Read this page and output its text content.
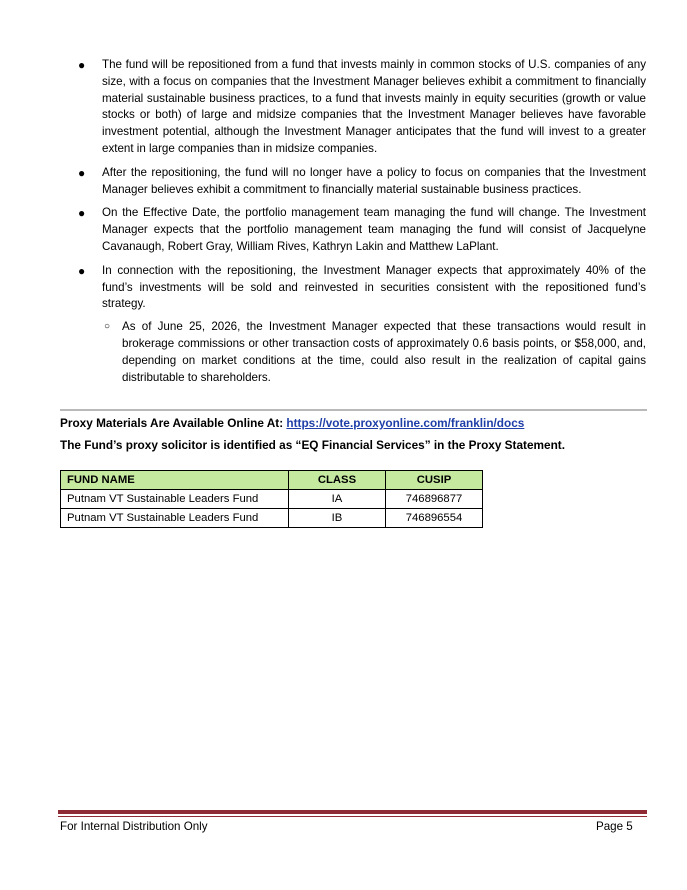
● The fund will be repositioned from a fund that invests mainly in common stocks of U.S. companies of any size, with a focus on companies that the Investment Manager believes exhibit a commitment to financially material sustainable business practices, to a fund that invests mainly in equity securities (growth or value stocks or both) of large and midsize companies that the Investment Manager believes have favorable investment potential, although the Investment Manager anticipates that the fund will invest to a greater extent in large companies than in midsize companies.
● After the repositioning, the fund will no longer have a policy to focus on companies that the Investment Manager believes exhibit a commitment to financially material sustainable business practices.
● On the Effective Date, the portfolio management team managing the fund will change. The Investment Manager expects that the portfolio management team managing the fund will consist of Jacquelyne Cavanaugh, Robert Gray, William Rives, Kathryn Lakin and Matthew LaPlant.
● In connection with the repositioning, the Investment Manager expects that approximately 40% of the fund’s investments will be sold and reinvested in securities consistent with the repositioned fund’s strategy.
○ As of June 25, 2026, the Investment Manager expected that these transactions would result in brokerage commissions or other transaction costs of approximately 0.6 basis points, or $58,000, and, depending on market conditions at the time, could also result in the realization of capital gains distributable to shareholders.
Proxy Materials Are Available Online At: https://vote.proxyonline.com/franklin/docs
The Fund’s proxy solicitor is identified as “EQ Financial Services” in the Proxy Statement.
FUND NAME	CLASS	CUSIP
Putnam VT Sustainable Leaders Fund	IA	746896877
Putnam VT Sustainable Leaders Fund	IB	746896554
For Internal Distribution Only	Page 5
